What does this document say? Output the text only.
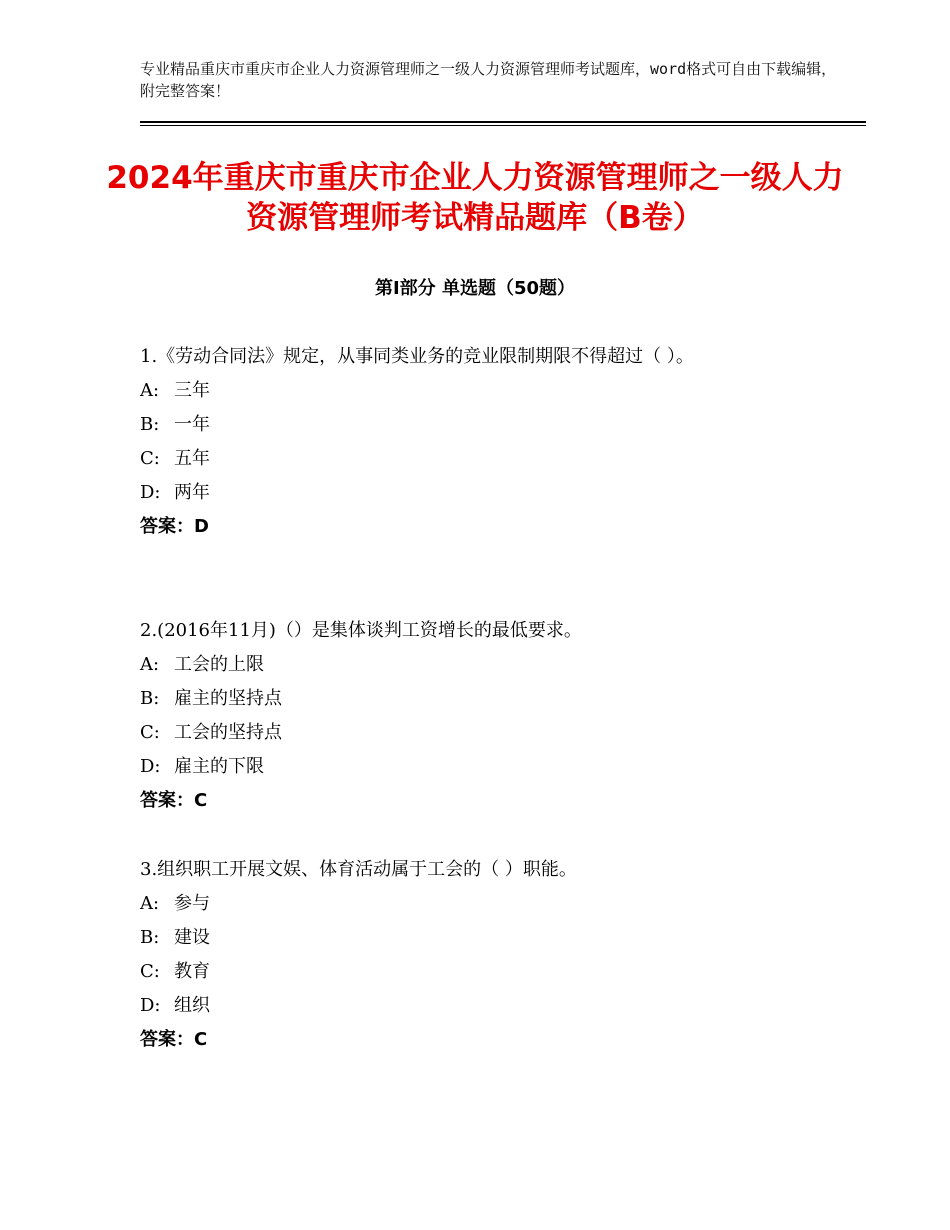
专业精品重庆市重庆市企业人力资源管理师之一级人力资源管理师考试题库，word格式可自由下载编辑，附完整答案！
2024年重庆市重庆市企业人力资源管理师之一级人力资源管理师考试精品题库（B卷）
第Ⅰ部分 单选题（50题）

1.《劳动合同法》规定，从事同类业务的竞业限制期限不得超过（ ）。

A: 三年

B: 一年

C: 五年

D: 两年

答案：D

2.(2016年11月)（）是集体谈判工资增长的最低要求。

A: 工会的上限

B: 雇主的坚持点

C: 工会的坚持点

D: 雇主的下限

答案：C

3.组织职工开展文娱、体育活动属于工会的（ ）职能。

A: 参与

B: 建设

C: 教育

D: 组织

答案：C
